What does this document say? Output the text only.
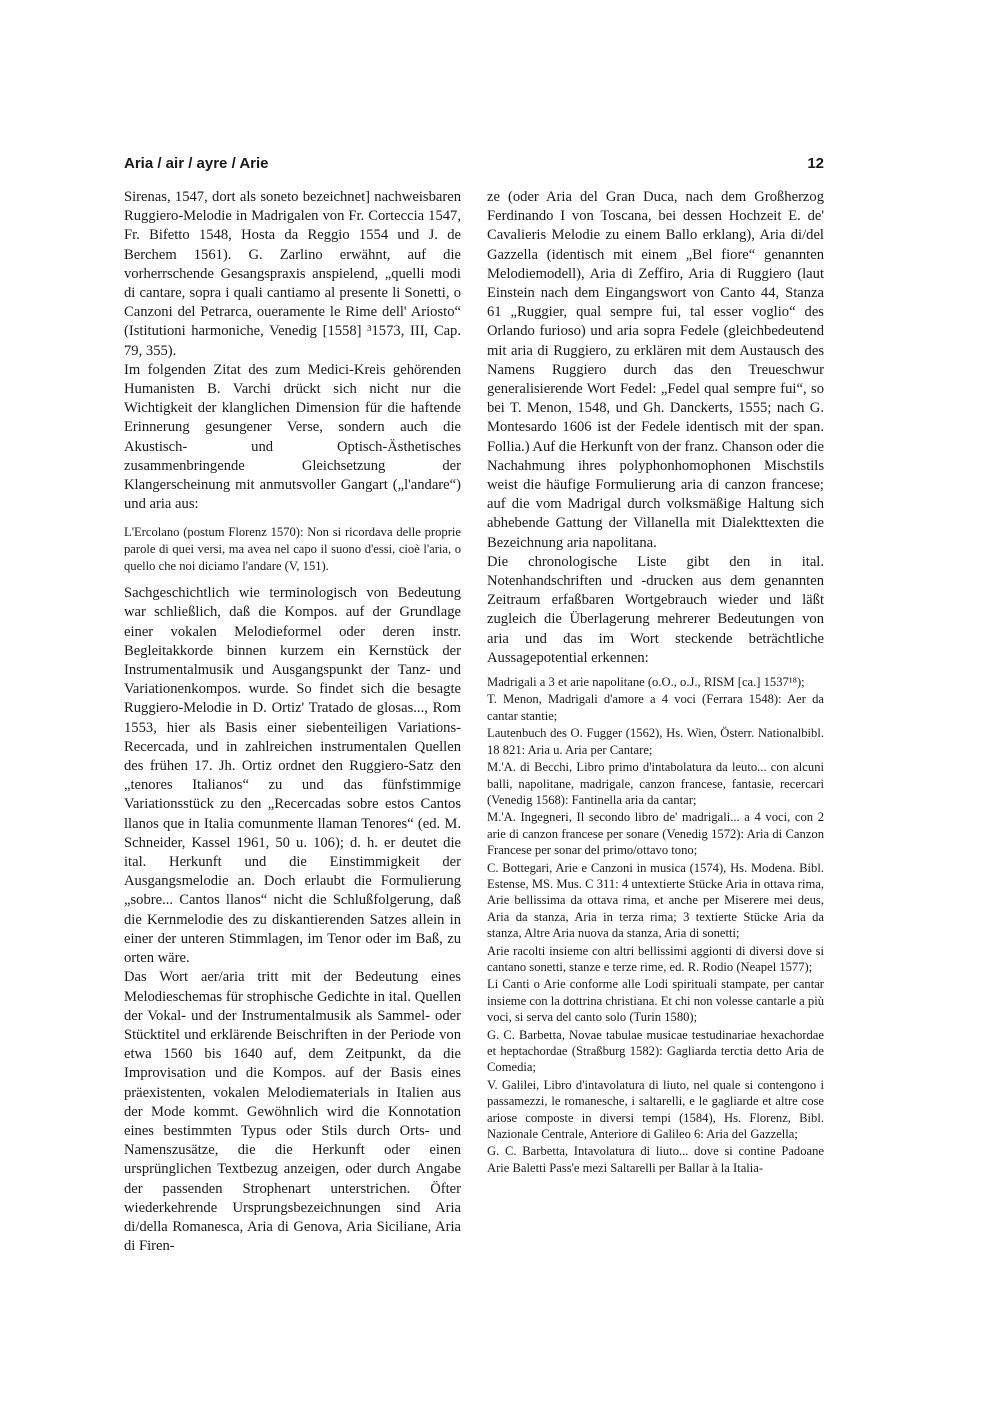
Aria / air / ayre / Arie	12

Sirenas, 1547, dort als soneto bezeichnet] nachweisbaren Ruggiero-Melodie in Madrigalen von Fr. Corteccia 1547, Fr. Bifetto 1548, Hosta da Reggio 1554 und J. de Berchem 1561). G. Zarlino erwähnt, auf die vorherrschende Gesangspraxis anspielend, „quelli modi di cantare, sopra i quali cantiamo al presente li Sonetti, o Canzoni del Petrarca, oueramente le Rime dell' Ariosto“ (Istitutioni harmoniche, Venedig [1558] ³1573, III, Cap. 79, 355).

Im folgenden Zitat des zum Medici-Kreis gehörenden Humanisten B. Varchi drückt sich nicht nur die Wichtigkeit der klanglichen Dimension für die haftende Erinnerung gesungener Verse, sondern auch die Akustisch- und Optisch-Ästhetisches zusammenbringende Gleichsetzung der Klangerscheinung mit anmutsvoller Gangart („l'andare“) und aria aus:

L'Ercolano (postum Florenz 1570): Non si ricordava delle proprie parole di quei versi, ma avea nel capo il suono d'essi, cioè l'aria, o quello che noi diciamo l'andare (V, 151).

Sachgeschichtlich wie terminologisch von Bedeutung war schließlich, daß die Kompos. auf der Grundlage einer vokalen Melodieformel oder deren instr. Begleitakkorde binnen kurzem ein Kernstück der Instrumentalmusik und Ausgangspunkt der Tanz- und Variationenkompos. wurde. So findet sich die besagte Ruggiero-Melodie in D. Ortiz' Tratado de glosas..., Rom 1553, hier als Basis einer siebenteiligen Variations-Recercada, und in zahlreichen instrumentalen Quellen des frühen 17. Jh. Ortiz ordnet den Ruggiero-Satz den „tenores Italianos“ zu und das fünfstimmige Variationsstück zu den „Recercadas sobre estos Cantos llanos que in Italia comunmente llaman Tenores“ (ed. M. Schneider, Kassel 1961, 50 u. 106); d. h. er deutet die ital. Herkunft und die Einstimmigkeit der Ausgangsmelodie an. Doch erlaubt die Formulierung „sobre... Cantos llanos“ nicht die Schlußfolgerung, daß die Kernmelodie des zu diskantierenden Satzes allein in einer der unteren Stimmlagen, im Tenor oder im Baß, zu orten wäre.

Das Wort aer/aria tritt mit der Bedeutung eines Melodieschemas für strophische Gedichte in ital. Quellen der Vokal- und der Instrumentalmusik als Sammel- oder Stücktitel und erklärende Beischriften in der Periode von etwa 1560 bis 1640 auf, dem Zeitpunkt, da die Improvisation und die Kompos. auf der Basis eines präexistenten, vokalen Melodiematerials in Italien aus der Mode kommt. Gewöhnlich wird die Konnotation eines bestimmten Typus oder Stils durch Orts- und Namenszusätze, die die Herkunft oder einen ursprünglichen Textbezug anzeigen, oder durch Angabe der passenden Strophenart unterstrichen. Öfter wiederkehrende Ursprungsbezeichnungen sind Aria di/della Romanesca, Aria di Genova, Aria Siciliane, Aria di Firen-

ze (oder Aria del Gran Duca, nach dem Großherzog Ferdinando I von Toscana, bei dessen Hochzeit E. de' Cavalieris Melodie zu einem Ballo erklang), Aria di/del Gazzella (identisch mit einem „Bel fiore“ genannten Melodiemodell), Aria di Zeffiro, Aria di Ruggiero (laut Einstein nach dem Eingangswort von Canto 44, Stanza 61 „Ruggier, qual sempre fui, tal esser voglio“ des Orlando furioso) und aria sopra Fedele (gleichbedeutend mit aria di Ruggiero, zu erklären mit dem Austausch des Namens Ruggiero durch das den Treueschwur generalisierende Wort Fedel: „Fedel qual sempre fui“, so bei T. Menon, 1548, und Gh. Danckerts, 1555; nach G. Montesardo 1606 ist der Fedele identisch mit der span. Follia.) Auf die Herkunft von der franz. Chanson oder die Nachahmung ihres polyphonhomophonen Mischstils weist die häufige Formulierung aria di canzon francese; auf die vom Madrigal durch volksmäßige Haltung sich abhebende Gattung der Villanella mit Dialekttexten die Bezeichnung aria napolitana.

Die chronologische Liste gibt den in ital. Notenhandschriften und -drucken aus dem genannten Zeitraum erfaßbaren Wortgebrauch wieder und läßt zugleich die Überlagerung mehrerer Bedeutungen von aria und das im Wort steckende beträchtliche Aussagepotential erkennen:

Madrigali a 3 et arie napolitane (o.O., o.J., RISM [ca.] 1537¹⁸);

T. Menon, Madrigali d'amore a 4 voci (Ferrara 1548): Aer da cantar stantie;

Lautenbuch des O. Fugger (1562), Hs. Wien, Österr. Nationalbibl. 18 821: Aria u. Aria per Cantare;

M.'A. di Becchi, Libro primo d'intabolatura da leuto... con alcuni balli, napolitane, madrigale, canzon francese, fantasie, recercari (Venedig 1568): Fantinella aria da cantar;

M.'A. Ingegneri, Il secondo libro de' madrigali... a 4 voci, con 2 arie di canzon francese per sonare (Venedig 1572): Aria di Canzon Francese per sonar del primo/ottavo tono;

C. Bottegari, Arie e Canzoni in musica (1574), Hs. Modena. Bibl. Estense, MS. Mus. C 311: 4 untextierte Stücke Aria in ottava rima, Arie bellissima da ottava rima, et anche per Miserere mei deus, Aria da stanza, Aria in terza rima; 3 textierte Stücke Aria da stanza, Altre Aria nuova da stanza, Aria di sonetti;

Arie racolti insieme con altri bellissimi aggionti di diversi dove si cantano sonetti, stanze e terze rime, ed. R. Rodio (Neapel 1577);

Li Canti o Arie conforme alle Lodi spirituali stampate, per cantar insieme con la dottrina christiana. Et chi non volesse cantarle a più voci, si serva del canto solo (Turin 1580);

G. C. Barbetta, Novae tabulae musicae testudinariae hexachordae et heptachordae (Straßburg 1582): Gagliarda terctia detto Aria de Comedia;

V. Galilei, Libro d'intavolatura di liuto, nel quale si contengono i passamezzi, le romanesche, i saltarelli, e le gagliarde et altre cose ariose composte in diversi tempi (1584), Hs. Florenz, Bibl. Nazionale Centrale, Anteriore di Galileo 6: Aria del Gazzella;

G. C. Barbetta, Intavolatura di liuto... dove si contine Padoane Arie Baletti Pass'e mezi Saltarelli per Ballar à la Italia-
